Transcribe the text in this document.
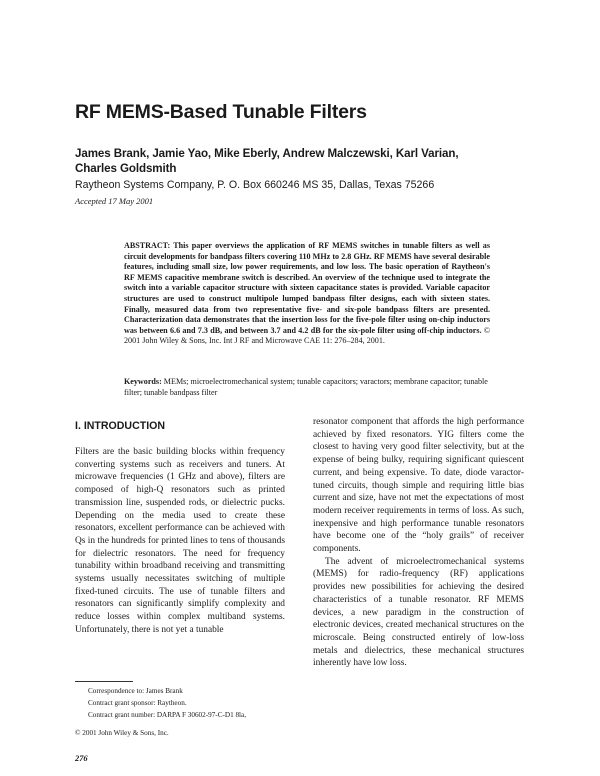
RF MEMS-Based Tunable Filters
James Brank, Jamie Yao, Mike Eberly, Andrew Malczewski, Karl Varian, Charles Goldsmith
Raytheon Systems Company, P. O. Box 660246 MS 35, Dallas, Texas 75266
Accepted 17 May 2001
ABSTRACT: This paper overviews the application of RF MEMS switches in tunable filters as well as circuit developments for bandpass filters covering 110 MHz to 2.8 GHz. RF MEMS have several desirable features, including small size, low power requirements, and low loss. The basic operation of Raytheon's RF MEMS capacitive membrane switch is described. An overview of the technique used to integrate the switch into a variable capacitor structure with sixteen capacitance states is provided. Variable capacitor structures are used to construct multipole lumped bandpass filter designs, each with sixteen states. Finally, measured data from two representative five- and six-pole bandpass filters are presented. Characterization data demonstrates that the insertion loss for the five-pole filter using on-chip inductors was between 6.6 and 7.3 dB, and between 3.7 and 4.2 dB for the six-pole filter using off-chip inductors. © 2001 John Wiley & Sons, Inc. Int J RF and Microwave CAE 11: 276–284, 2001.
Keywords: MEMs; microelectromechanical system; tunable capacitors; varactors; membrane capacitor; tunable filter; tunable bandpass filter
I. INTRODUCTION

Filters are the basic building blocks within frequency converting systems such as receivers and tuners. At microwave frequencies (1 GHz and above), filters are composed of high-Q resonators such as printed transmission line, suspended rods, or dielectric pucks. Depending on the media used to create these resonators, excellent performance can be achieved with Qs in the hundreds for printed lines to tens of thousands for dielectric resonators. The need for frequency tunability within broadband receiving and transmitting systems usually necessitates switching of multiple fixed-tuned circuits. The use of tunable filters and resonators can significantly simplify complexity and reduce losses within complex multiband systems. Unfortunately, there is not yet a tunable

resonator component that affords the high performance achieved by fixed resonators. YIG filters come the closest to having very good filter selectivity, but at the expense of being bulky, requiring significant quiescent current, and being expensive. To date, diode varactor-tuned circuits, though simple and requiring little bias current and size, have not met the expectations of most modern receiver requirements in terms of loss. As such, inexpensive and high performance tunable resonators have become one of the “holy grails” of receiver components.

The advent of microelectromechanical systems (MEMS) for radio-frequency (RF) applications provides new possibilities for achieving the desired characteristics of a tunable resonator. RF MEMS devices, a new paradigm in the construction of electronic devices, created mechanical structures on the microscale. Being constructed entirely of low-loss metals and dielectrics, these mechanical structures inherently have low loss.

Correspondence to: James Brank
Contract grant sponsor: Raytheon.
Contract grant number: DARPA F 30602-97-C-D1 8la,
© 2001 John Wiley & Sons, Inc.
276
